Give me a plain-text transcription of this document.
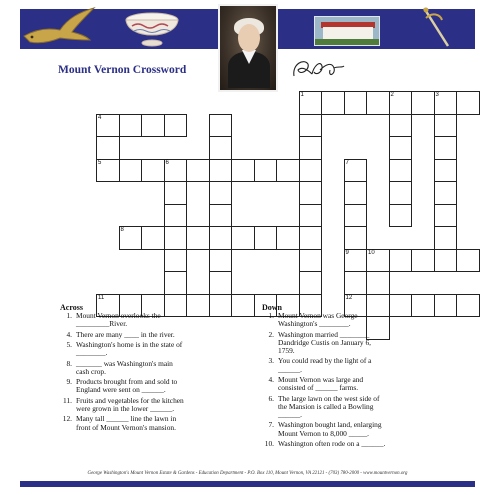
Mount Vernon Crossword
1	2	3
4
5	6	7
8
9	10
11	12
Across
1. Mount Vernon overlooks the
_________River.
4. There are many ____ in the river.
5. Washington's home is in the state of
________.
8. _______ was Washington's main
cash crop.
9. Products brought from and sold to
England were sent on ______.
11. Fruits and vegetables for the kitchen
were grown in the lower ______.
12. Many tall ______ line the lawn in
front of Mount Vernon's mansion.
Down
1. Mount Vernon was George
Washington's ________.
2. Washington married ________
Dandridge Custis on January 6,
1759.
3. You could read by the light of a
______.
4. Mount Vernon was large and
consisted of ______ farms.
6. The large lawn on the west side of
the Mansion is called a Bowling
______.
7. Washington bought land, enlarging
Mount Vernon to 8,000 _____.
10. Washington often rode on a ______.
George Washington's Mount Vernon Estate & Gardens - Education Department - P.O. Box 110, Mount Vernon, VA 22121 - (703) 780-2000 - www.mountvernon.org
